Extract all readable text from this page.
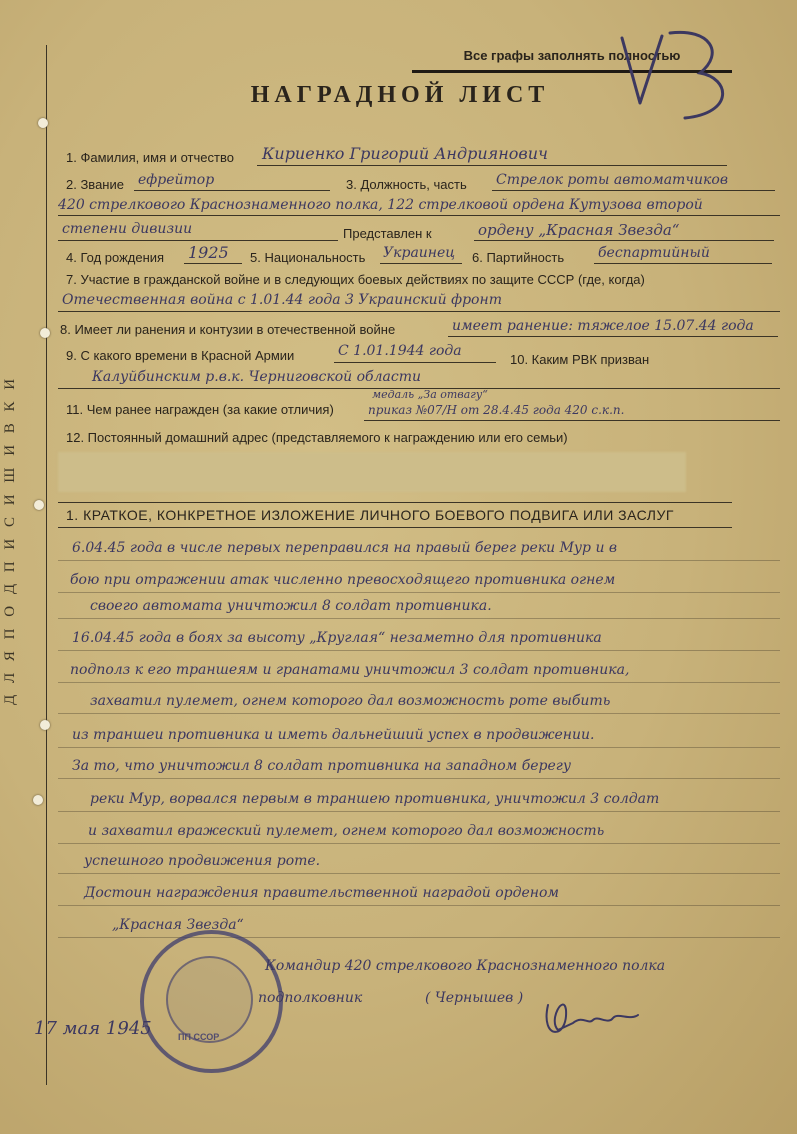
Д Л Я П О Д П И С И Ш И В К И
Все графы заполнять полностью
НАГРАДНОЙ ЛИСТ
1. Фамилия, имя и отчество Кириенко Григорий Андриянович
2. Звание ефрейтор	3. Должность, часть Стрелок роты автоматчиков
420 стрелкового Краснознаменного полка, 122 стрелковой ордена Кутузова второй
степени дивизии	Представлен к	ордену „Красная Звезда“
4. Год рождения 1925 5. Национальность Украинец 6. Партийность беспартийный
7. Участие в гражданской войне и в следующих боевых действиях по защите СССР (где, когда)
Отечественная война с 1.01.44 года 3 Украинский фронт
8. Имеет ли ранения и контузии в отечественной войне	имеет ранение: тяжелое 15.07.44 года
9. С какого времени в Красной Армии	С 1.01.1944 года
10. Каким РВК призван
Калуйбинским р.в.к. Черниговской области
11. Чем ранее награжден (за какие отличия)
медаль „За отвагу“
приказ №07/Н от 28.4.45 года 420 с.к.п.
12. Постоянный домашний адрес (представляемого к награждению или его семьи)
1. КРАТКОЕ, КОНКРЕТНОЕ ИЗЛОЖЕНИЕ ЛИЧНОГО БОЕВОГО ПОДВИГА ИЛИ ЗАСЛУГ
6.04.45 года в числе первых переправился на правый берег реки Мур и в
бою при отражении атак численно превосходящего противника огнем
своего автомата уничтожил 8 солдат противника.
16.04.45 года в боях за высоту „Круглая“ незаметно для противника
подполз к его траншеям и гранатами уничтожил 3 солдат противника,
захватил пулемет, огнем которого дал возможность роте выбить
из траншеи противника и иметь дальнейший успех в продвижении.
За то, что уничтожил 8 солдат противника на западном берегу
реки Мур, ворвался первым в траншею противника, уничтожил 3 солдат
и захватил вражеский пулемет, огнем которого дал возможность
успешного продвижения роте.
Достоин награждения правительственной наградой орденом
„Красная Звезда“
ПП ССОР
Командир 420 стрелкового Краснознаменного полка
подполковник	( Чернышев )
17 мая 1945
